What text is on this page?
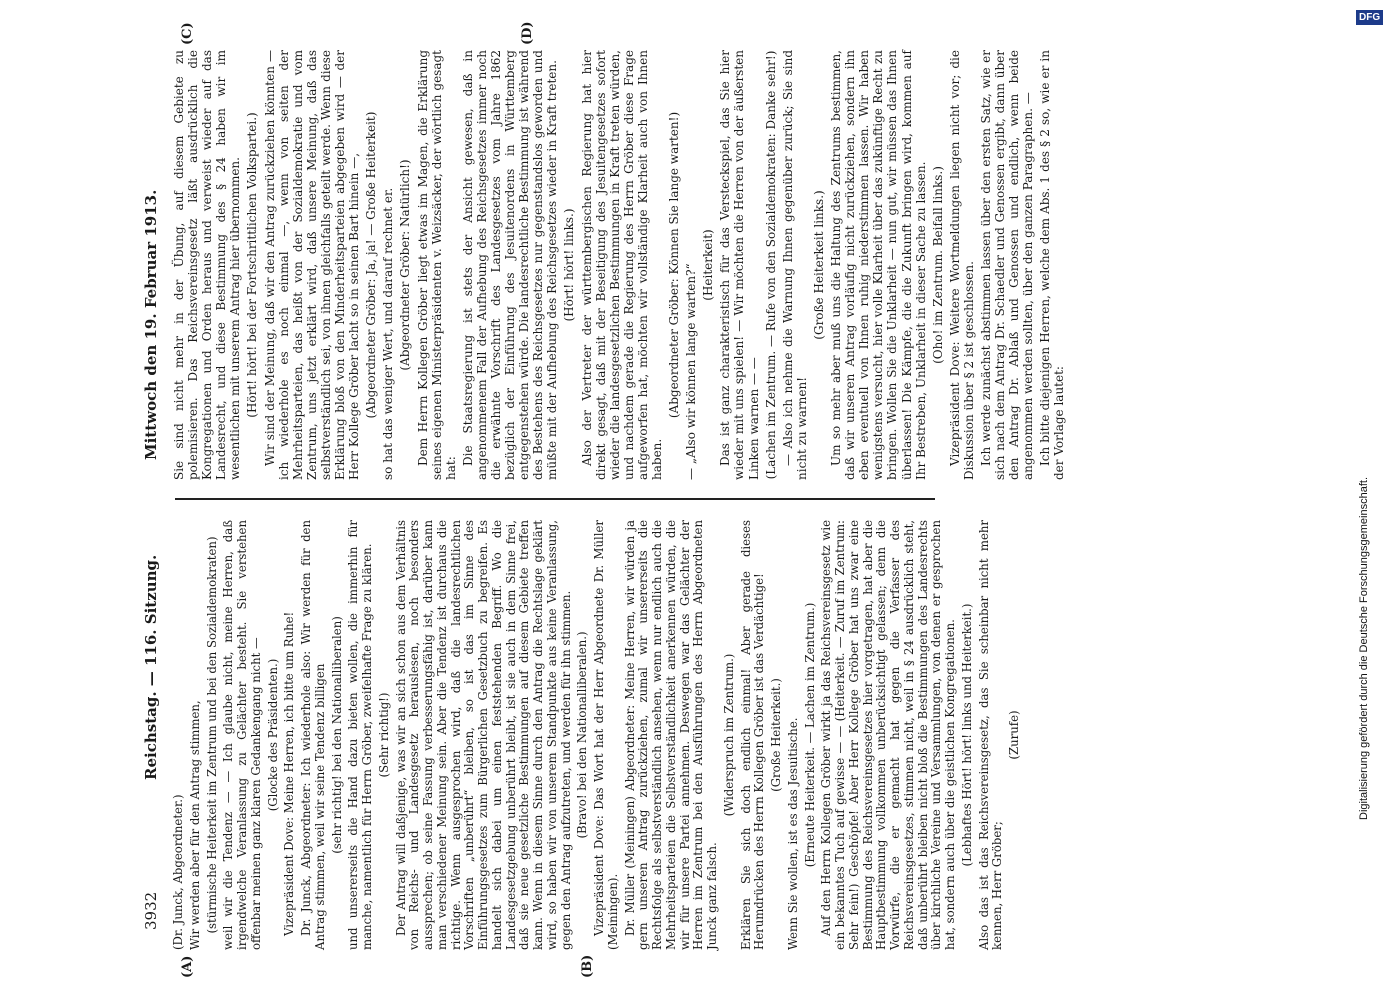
3932
Reichstag. — 116. Sitzung.
Mittwoch den 19. Februar 1913.
(A)	(B)
(C)	(D)

(Dr. Junck, Abgeordneter.) Wir werden aber für den Antrag stimmen, (stürmische Heiterkeit im Zentrum und bei den Sozialdemokraten) weil wir die Tendenz — — Ich glaube nicht, meine Herren, daß irgendwelche Veranlassung zu Gelächter besteht. Sie verstehen offenbar meinen ganz klaren Gedankengang nicht — (Glocke des Präsidenten.) Vizepräsident Dove: Meine Herren, ich bitte um Ruhe! Dr. Junck, Abgeordneter: Ich wiederhole also: Wir werden für den Antrag stimmen, weil wir seine Tendenz billigen (sehr richtig! bei den Nationalliberalen) und unsererseits die Hand dazu bieten wollen, die immerhin für manche, namentlich für Herrn Gröber, zweifelhafte Frage zu klären. (Sehr richtig!) Der Antrag will daßjenige, was wir an sich schon aus dem Verhältnis von Reichs- und Landesgesetz herauslesen, noch besonders aussprechen; ob seine Fassung verbesserungsfähig ist, darüber kann man verschiedener Meinung sein. Aber die Tendenz ist durchaus die richtige. Wenn ausgesprochen wird, daß die landesrechtlichen Vorschriften „unberührt“ bleiben, so ist das im Sinne des Einführungsgesetzes zum Bürgerlichen Gesetzbuch zu begreifen. Es handelt sich dabei um einen feststehenden Begriff. Wo die Landesgesetzgebung unberührt bleibt, ist sie auch in dem Sinne frei, daß sie neue gesetzliche Bestimmungen auf diesem Gebiete treffen kann. Wenn in diesem Sinne durch den Antrag die Rechtslage geklärt wird, so haben wir von unserem Standpunkte aus keine Veranlassung, gegen den Antrag aufzutreten, und werden für ihn stimmen. (Bravo! bei den Nationalliberalen.) Vizepräsident Dove: Das Wort hat der Herr Abgeordnete Dr. Müller (Meiningen). Dr. Müller (Meiningen) Abgeordneter: Meine Herren, wir würden ja gern unseren Antrag zurückziehen, zumal wir unsererseits die Rechtsfolge als selbstverständlich ansehen, wenn nur endlich auch die Mehrheitsparteien die Selbstverständlichkeit anerkennen würden, die wir für unsere Partei annehmen. Deswegen war das Gelächter der Herren im Zentrum bei den Ausführungen des Herrn Abgeordneten Junck ganz falsch.

(Widerspruch im Zentrum.) Erklären Sie sich doch endlich einmal! Aber gerade dieses Herumdrücken des Herrn Kollegen Gröber ist das Verdächtige! (Große Heiterkeit.) Wenn Sie wollen, ist es das Jesuitische. (Erneute Heiterkeit. — Lachen im Zentrum.) Auf den Herrn Kollegen Gröber wirkt ja das Reichsvereinsgesetz wie ein bekanntes Tuch auf gewisse — — (Heiterkeit. — Zuruf im Zentrum: Sehr fein!) Geschöpfe! Aber Herr Kollege Gröber hat uns zwar eine Bestimmung des Reichsvereinsgesetzes hier vorgetragen, hat aber die Hauptbestimmung vollkommen unberücksichtigt gelassen; denn die Vorwürfe, die er gemacht hat gegen die Verfasser des Reichsvereinsgesetzes, stimmen nicht, weil in § 24 ausdrücklich steht, daß unberührt bleiben nicht bloß die Bestimmungen des Landesrechts über kirchliche Vereine und Versammlungen, von denen er gesprochen hat, sondern auch über die geistlichen Kongregationen. (Lebhaftes Hört! hört! links und Heiterkeit.) Also das ist das Reichsvereinsgesetz, das Sie scheinbar nicht mehr kennen, Herr Gröber;

(Zurufe)

Sie sind nicht mehr in der Übung, auf diesem Gebiete zu polemisieren. Das Reichsvereinsgesetz läßt ausdrücklich die Kongregationen und Orden heraus und verweist wieder auf das Landesrecht, und diese Bestimmung des § 24 haben wir im wesentlichen mit unserem Antrag hier übernommen. (Hört! hört! bei der Fortschrittlichen Volkspartei.) Wir sind der Meinung, daß wir den Antrag zurückziehen könnten — ich wiederhole es noch einmal —, wenn von seiten der Mehrheitsparteien, das heißt von der Sozialdemokratie und vom Zentrum, uns jetzt erklärt wird, daß unsere Meinung, daß das selbstverständlich sei, von ihnen gleichfalls geteilt werde. Wenn diese Erklärung bloß von den Minderheitsparteien abgegeben wird — der Herr Kollege Gröber lacht so in seinen Bart hinein —, (Abgeordneter Gröber: Ja, ja! — Große Heiterkeit) so hat das weniger Wert, und darauf rechnet er. (Abgeordneter Gröber: Natürlich!) Dem Herrn Kollegen Gröber liegt etwas im Magen, die Erklärung seines eigenen Ministerpräsidenten v. Weizsäcker, der wörtlich gesagt hat:

Die Staatsregierung ist stets der Ansicht gewesen, daß in angenommenem Fall der Aufhebung des Reichsgesetzes immer noch die erwähnte Vorschrift des Landesgesetzes vom Jahre 1862 bezüglich der Einführung des Jesuitenordens in Württemberg entgegenstehen würde. Die landesrechtliche Bestimmung ist während des Bestehens des Reichsgesetzes nur gegenstandslos geworden und müßte mit der Aufhebung des Reichsgesetzes wieder in Kraft treten. (Hört! hört! links.) Also der Vertreter der württembergischen Regierung hat hier direkt gesagt, daß mit der Beseitigung des Jesuitengesetzes sofort wieder die landesgesetzlichen Bestimmungen in Kraft treten würden, und nachdem gerade die Regierung des Herrn Gröber diese Frage aufgeworfen hat, möchten wir vollständige Klarheit auch von Ihnen haben.

(Abgeordneter Gröber: Können Sie lange warten!) — „Also wir können lange warten?“ (Heiterkeit) Das ist ganz charakteristisch für das Versteckspiel, das Sie hier wieder mit uns spielen! — Wir möchten die Herren von der äußersten Linken warnen — — (Lachen im Zentrum. — Rufe von den Sozialdemokraten: Danke sehr!) — Also ich nehme die Warnung Ihnen gegenüber zurück; Sie sind nicht zu warnen!

(Große Heiterkeit links.) Um so mehr aber muß uns die Haltung des Zentrums bestimmen, daß wir unseren Antrag vorläufig nicht zurückziehen, sondern ihn eben eventuell von Ihnen ruhig niederstimmen lassen. Wir haben wenigstens versucht, hier volle Klarheit über das zukünftige Recht zu bringen. Wollen Sie die Unklarheit — nun gut, wir müssen das Ihnen überlassen! Die Kämpfe, die die Zukunft bringen wird, kommen auf Ihr Bestreben, Unklarheit in dieser Sache zu lassen. (Oho! im Zentrum. Beifall links.) Vizepräsident Dove: Weitere Wortmeldungen liegen nicht vor; die Diskussion über § 2 ist geschlossen. Ich werde zunächst abstimmen lassen über den ersten Satz, wie er sich nach dem Antrag Dr. Schaedler und Genossen ergibt, dann über den Antrag Dr. Ablaß und Genossen und endlich, wenn beide angenommen werden sollten, über den ganzen Paragraphen. — Ich bitte diejenigen Herren, welche dem Abs. 1 des § 2 so, wie er in der Vorlage lautet:

Digitalisierung gefördert durch die Deutsche Forschungsgemeinschaft.
DFG
